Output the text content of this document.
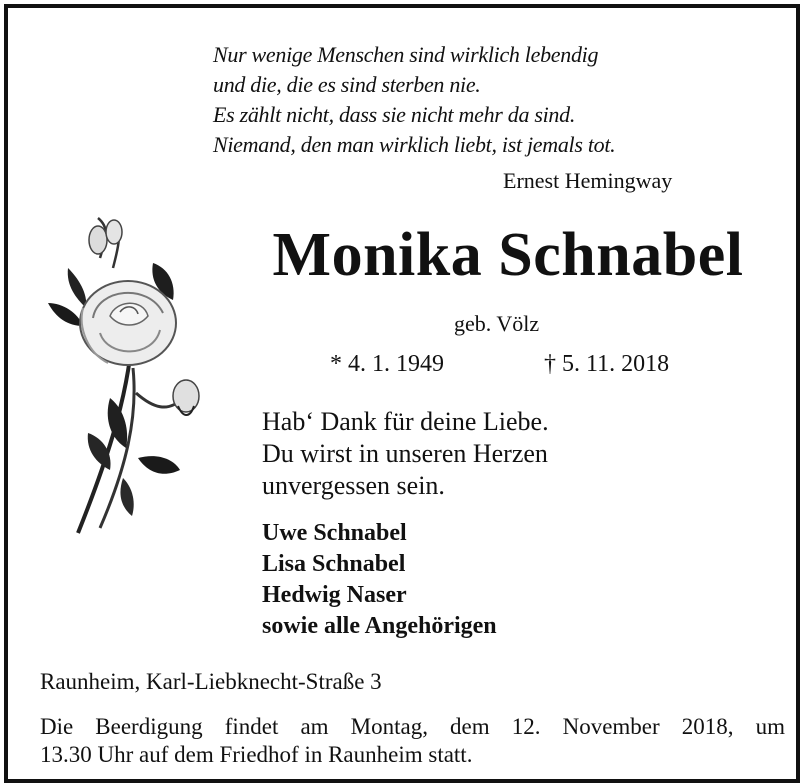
Nur wenige Menschen sind wirklich lebendig
und die, die es sind sterben nie.
Es zählt nicht, dass sie nicht mehr da sind.
Niemand, den man wirklich liebt, ist jemals tot.
Ernest Hemingway
Monika Schnabel
geb. Völz
* 4. 1. 1949	† 5. 11. 2018
Hab‘ Dank für deine Liebe.
Du wirst in unseren Herzen
unvergessen sein.
Uwe Schnabel
Lisa Schnabel
Hedwig Naser
sowie alle Angehörigen
Raunheim, Karl-Liebknecht-Straße 3
Die Beerdigung findet am Montag, dem 12. November 2018, um
13.30 Uhr auf dem Friedhof in Raunheim statt.
